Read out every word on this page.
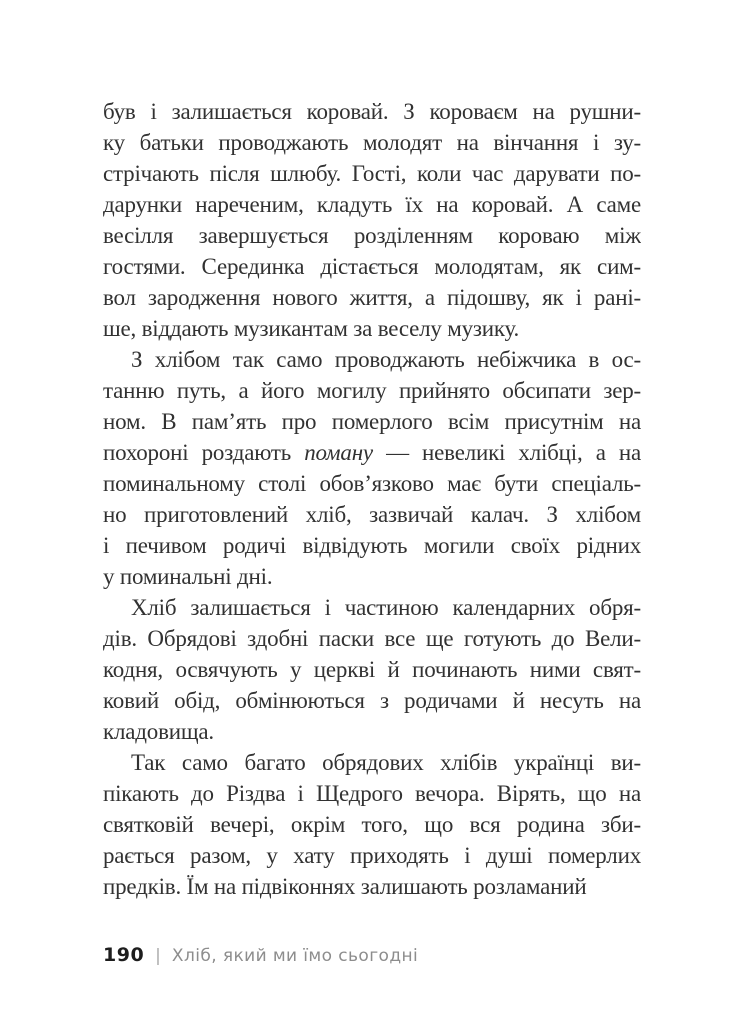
був і залишається коровай. З короваєм на рушни-
ку батьки проводжають молодят на вінчання і зу-
стрічають після шлюбу. Гості, коли час дарувати по-
дарунки нареченим, кладуть їх на коровай. А саме
весілля завершується розділенням короваю між
гостями. Серединка дістається молодятам, як сим-
вол зародження нового життя, а підошву, як і рані-
ше, віддають музикантам за веселу музику.
З хлібом так само проводжають небіжчика в ос-
танню путь, а його могилу прийнято обсипати зер-
ном. В пам’ять про померлого всім присутнім на
похороні роздають поману — невеликі хлібці, а на
поминальному столі обов’язково має бути спеціаль-
но приготовлений хліб, зазвичай калач. З хлібом
і печивом родичі відвідують могили своїх рідних
у поминальні дні.
Хліб залишається і частиною календарних обря-
дів. Обрядові здобні паски все ще готують до Вели-
кодня, освячують у церкві й починають ними свят-
ковий обід, обмінюються з родичами й несуть на
кладовища.
Так само багато обрядових хлібів українці ви-
пікають до Різдва і Щедрого вечора. Вірять, що на
святковій вечері, окрім того, що вся родина зби-
рається разом, у хату приходять і душі померлих
предків. Їм на підвіконнях залишають розламаний
190 | Хліб, який ми їмо сьогодні
